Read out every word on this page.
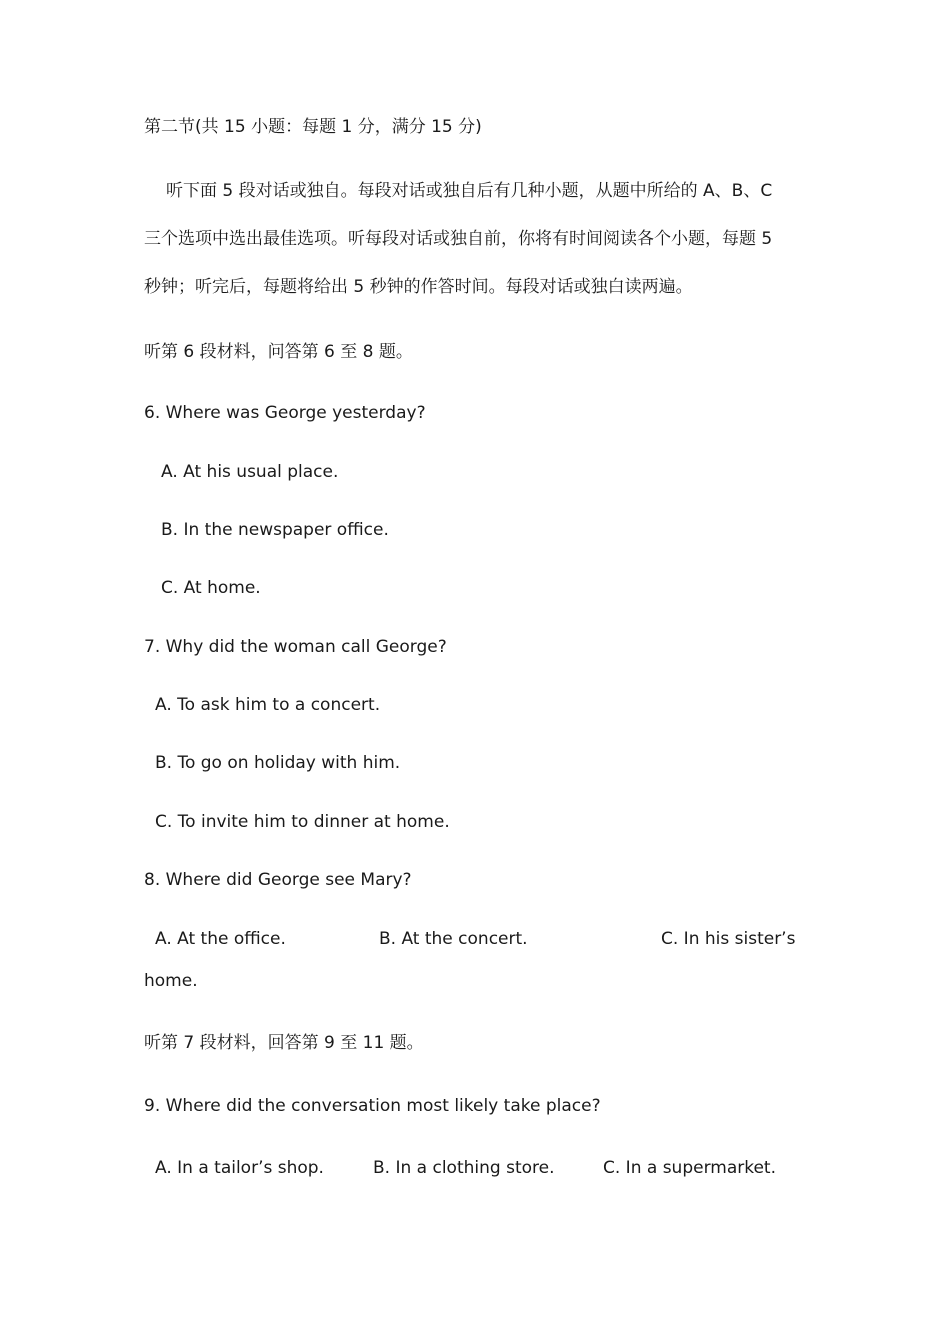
第二节(共 15 小题：每题 1 分，满分 15 分)
听下面 5 段对话或独自。每段对话或独自后有几种小题，从题中所给的 A、B、C
三个选项中选出最佳选项。听每段对话或独自前，你将有时间阅读各个小题，每题 5
秒钟；听完后，每题将给出 5 秒钟的作答时间。每段对话或独白读两遍。
听第 6 段材料，问答第 6 至 8 题。
6. Where was George yesterday?
A. At his usual place.
B. In the newspaper office.
C. At home.
7. Why did the woman call George?
A. To ask him to a concert.
B. To go on holiday with him.
C. To invite him to dinner at home.
8. Where did George see Mary?
A. At the office.	B. At the concert.	C. In his sister’s
home.
听第 7 段材料，回答第 9 至 11 题。
9. Where did the conversation most likely take place?
A. In a tailor’s shop.	B. In a clothing store.	C. In a supermarket.
